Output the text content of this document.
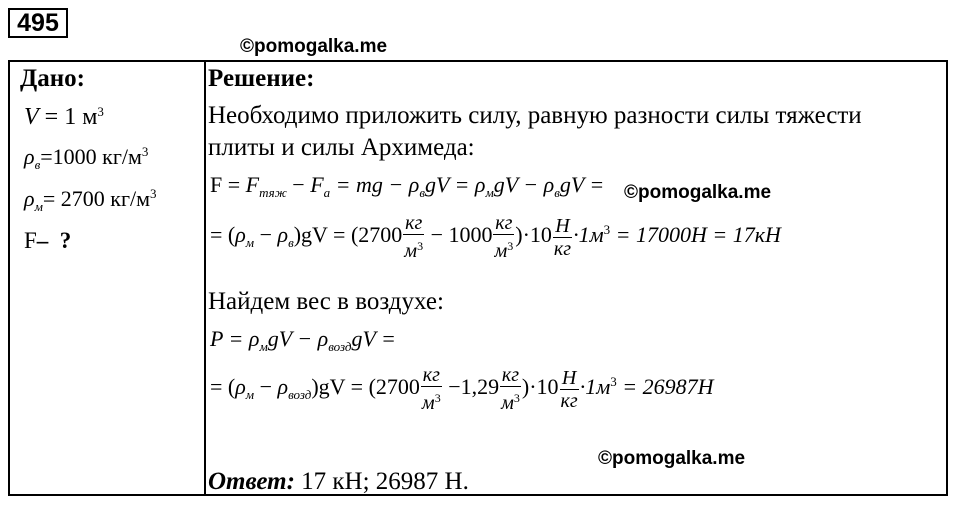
495
©pomogalka.me
Дано:
V = 1 $м^3$
$\rho_в=1000$ $кг/м^3$
$\rho_м= 2700$ $кг/м^3$
F– ?
Решение:
Необходимо приложить силу, равную разности силы тяжести
плиты и силы Архимеда:
$F = F_{тяж} - F_а$ = mg − $\rho_вgV = \rho_мgV - \rho_вgV$ = ©pomogalka.me
= $(\rho_м - \rho_в)gV = (2700 \frac{кг}{м^3} - 1000 \frac{кг}{м^3} )\cdot 10 \frac{Н}{кг} \cdot 1м^3 = 17000H = 17кН$
Найдем вес в воздухе:
$P = \rho_мgV - \rho_{возд}gV$ =
= $(\rho_м - \rho_{возд})gV = (2700 \frac{кг}{м^3} -1,29 \frac{кг}{м^3} )\cdot 10 \frac{Н}{кг} \cdot 1м^3 = 26987H$
©pomogalka.me
Ответ: 17 кН; 26987 Н.
